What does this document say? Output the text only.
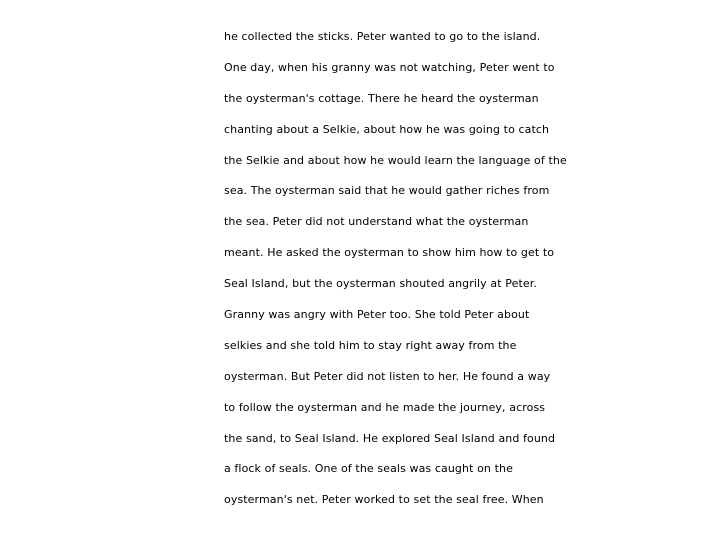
he collected the sticks. Peter wanted to go to the island.
One day, when his granny was not watching, Peter went to
the oysterman's cottage. There he heard the oysterman
chanting about a Selkie, about how he was going to catch
the Selkie and about how he would learn the language of the
sea. The oysterman said that he would gather riches from
the sea. Peter did not understand what the oysterman
meant. He asked the oysterman to show him how to get to
Seal Island, but the oysterman shouted angrily at Peter.
Granny was angry with Peter too. She told Peter about
selkies and she told him to stay right away from the
oysterman. But Peter did not listen to her. He found a way
to follow the oysterman and he made the journey, across
the sand, to Seal Island. He explored Seal Island and found
a flock of seals. One of the seals was caught on the
oysterman's net. Peter worked to set the seal free. When
